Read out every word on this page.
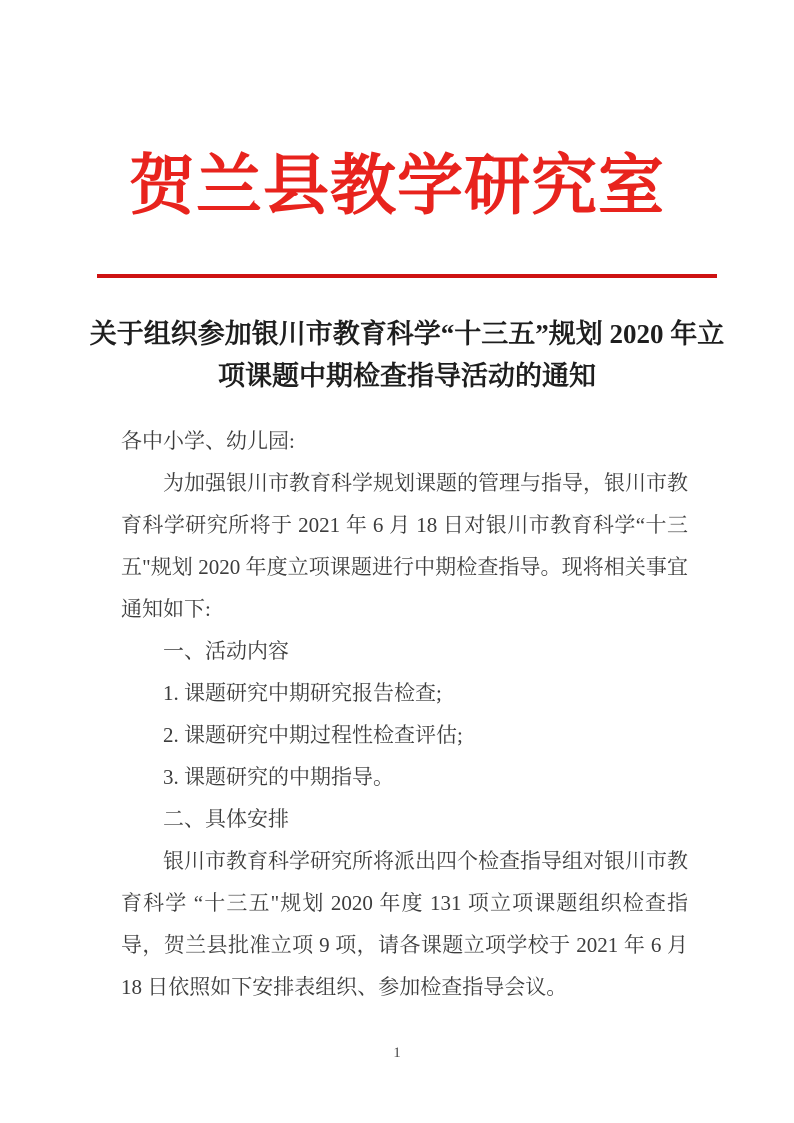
贺兰县教学研究室
关于组织参加银川市教育科学“十三五”规划 2020 年立
项课题中期检查指导活动的通知

各中小学、幼儿园:

为加强银川市教育科学规划课题的管理与指导，银川市教育科学研究所将于 2021 年 6 月 18 日对银川市教育科学“十三五"规划 2020 年度立项课题进行中期检查指导。现将相关事宜通知如下:

一、活动内容

1. 课题研究中期研究报告检查;

2. 课题研究中期过程性检查评估;

3. 课题研究的中期指导。

二、具体安排

银川市教育科学研究所将派出四个检查指导组对银川市教育科学 “十三五"规划 2020 年度 131 项立项课题组织检查指导，贺兰县批准立项 9 项，请各课题立项学校于 2021 年 6 月 18 日依照如下安排表组织、参加检查指导会议。

1
